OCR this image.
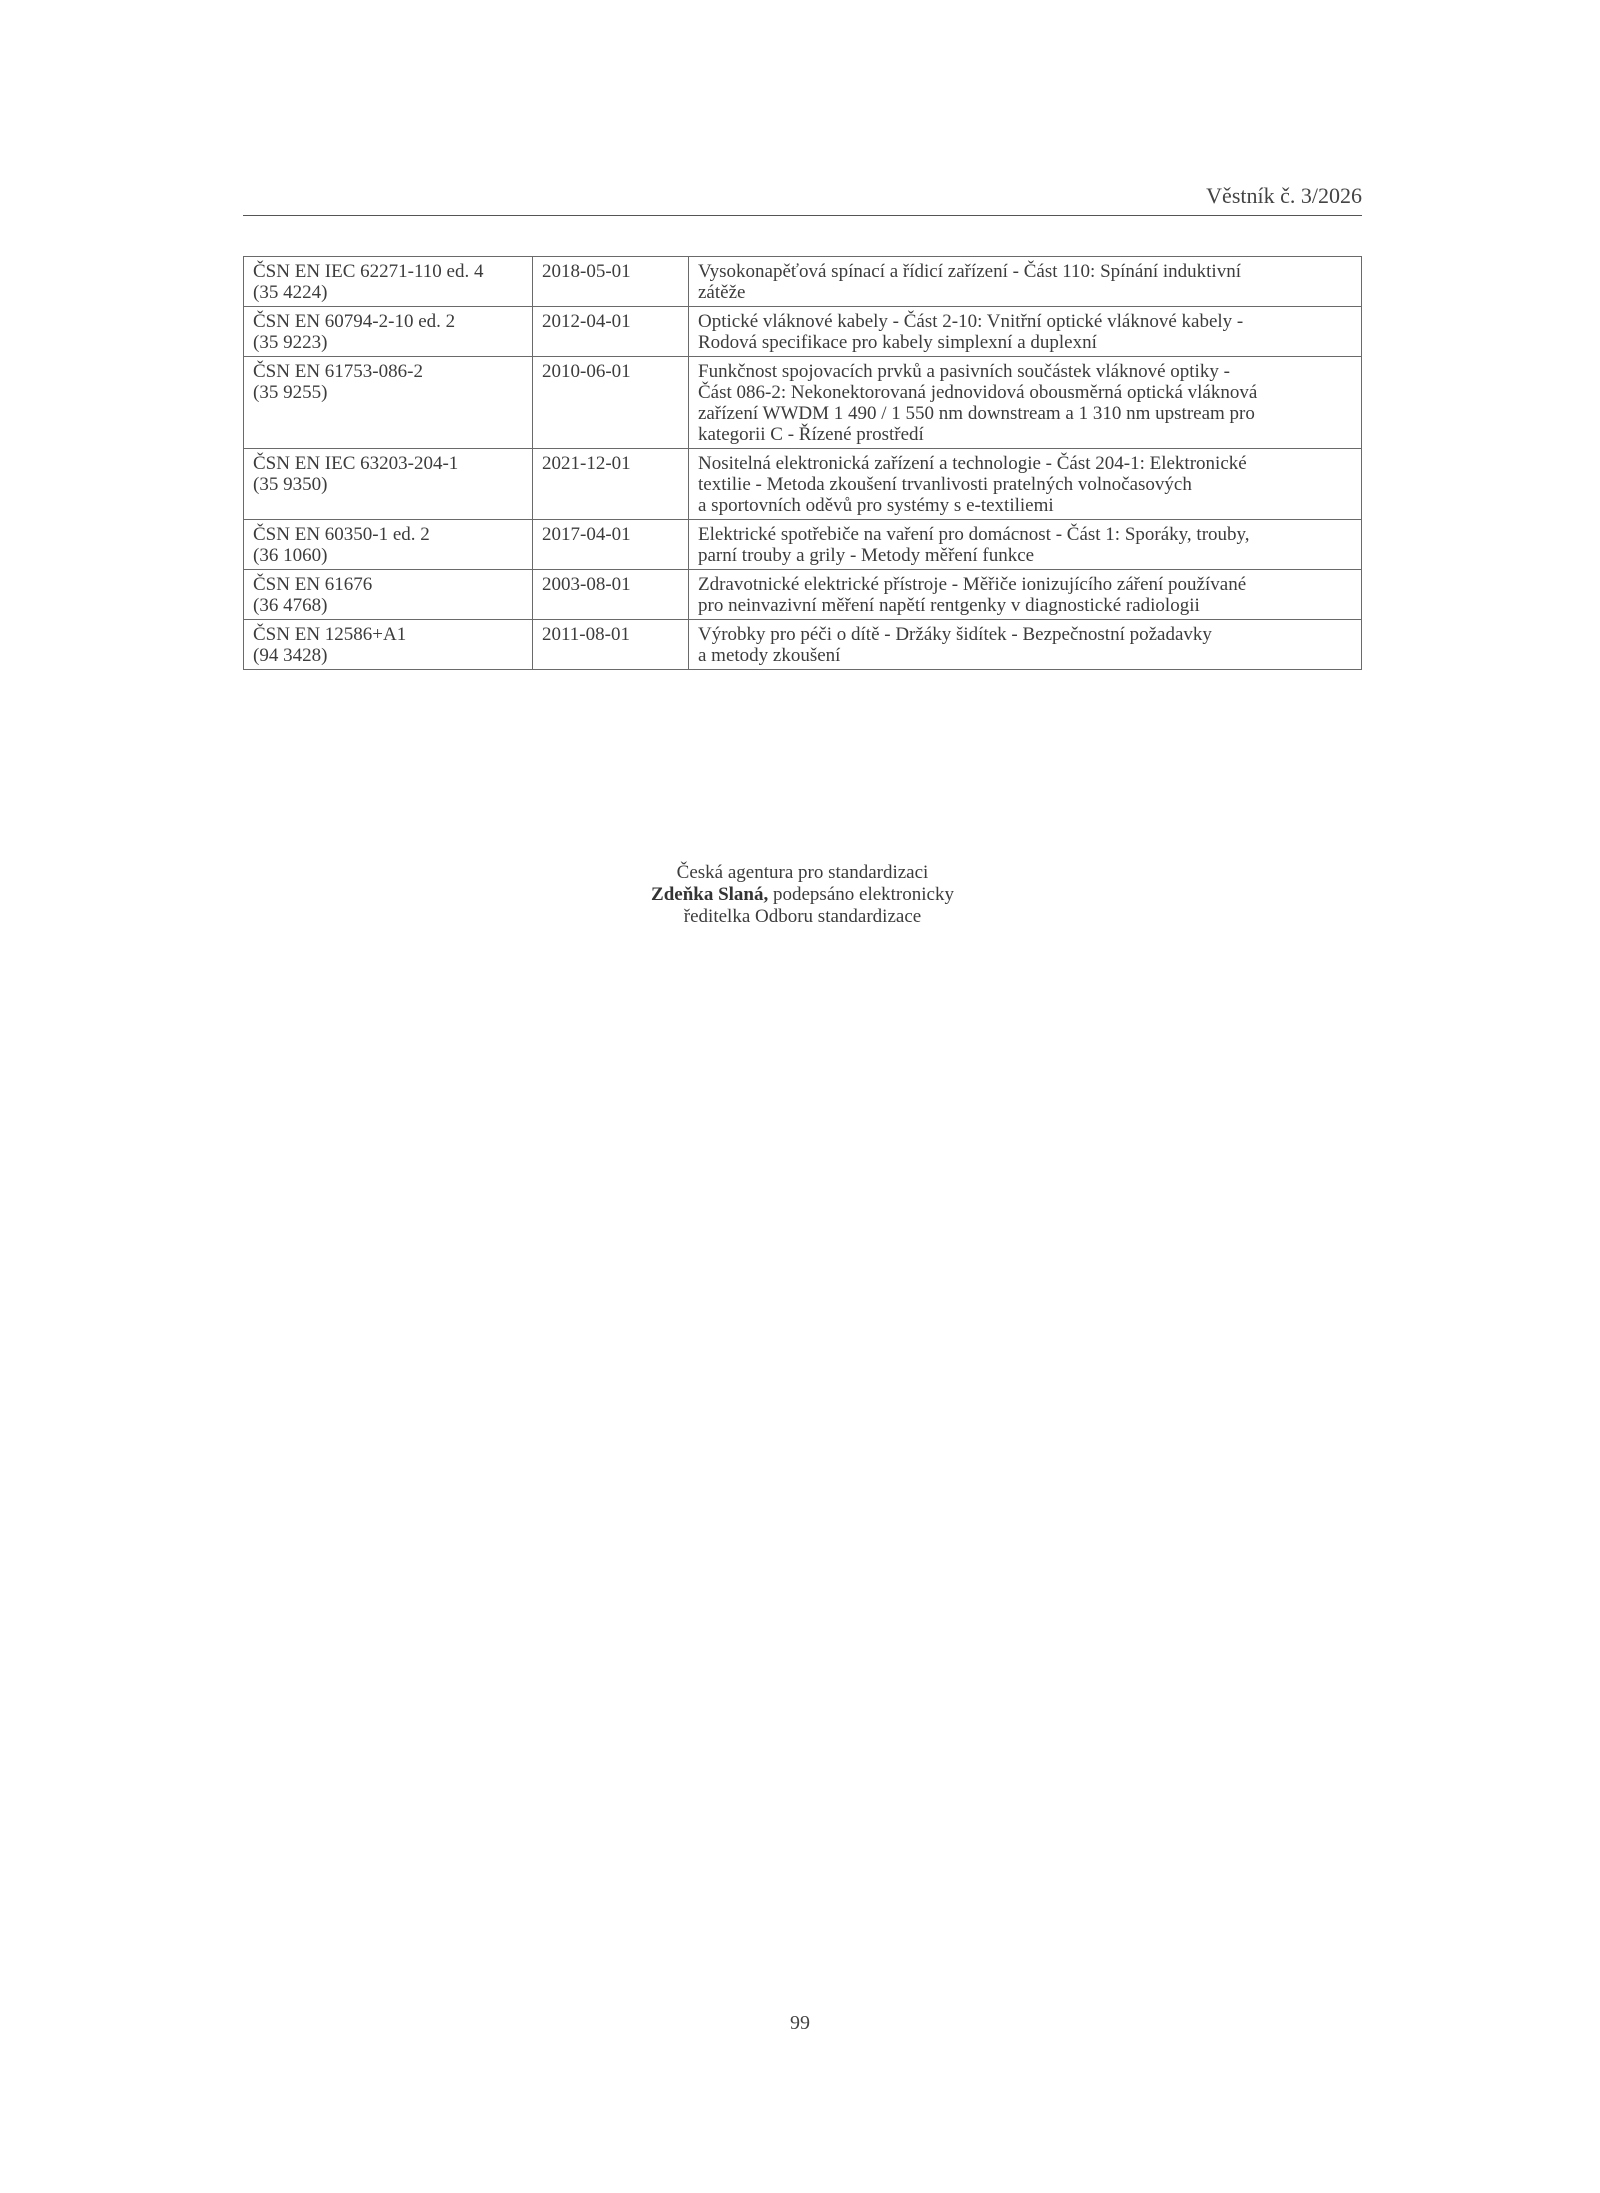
Věstník č. 3/2026
ČSN EN IEC 62271-110 ed. 4
(35 4224)	2018-05-01	Vysokonapěťová spínací a řídicí zařízení - Část 110: Spínání induktivní
zátěže

ČSN EN 60794-2-10 ed. 2
(35 9223)	2012-04-01	Optické vláknové kabely - Část 2-10: Vnitřní optické vláknové kabely -
Rodová specifikace pro kabely simplexní a duplexní

ČSN EN 61753-086-2
(35 9255)	2010-06-01	Funkčnost spojovacích prvků a pasivních součástek vláknové optiky -
Část 086-2: Nekonektorovaná jednovidová obousměrná optická vláknová
zařízení WWDM 1 490 / 1 550 nm downstream a 1 310 nm upstream pro
kategorii C - Řízené prostředí

ČSN EN IEC 63203-204-1
(35 9350)	2021-12-01	Nositelná elektronická zařízení a technologie - Část 204-1: Elektronické
textilie - Metoda zkoušení trvanlivosti pratelných volnočasových
a sportovních oděvů pro systémy s e-textiliemi

ČSN EN 60350-1 ed. 2
(36 1060)	2017-04-01	Elektrické spotřebiče na vaření pro domácnost - Část 1: Sporáky, trouby,
parní trouby a grily - Metody měření funkce

ČSN EN 61676
(36 4768)	2003-08-01	Zdravotnické elektrické přístroje - Měřiče ionizujícího záření používané
pro neinvazivní měření napětí rentgenky v diagnostické radiologii

ČSN EN 12586+A1
(94 3428)	2011-08-01	Výrobky pro péči o dítě - Držáky šidítek - Bezpečnostní požadavky
a metody zkoušení
Česká agentura pro standardizaci
Zdeňka Slaná, podepsáno elektronicky
ředitelka Odboru standardizace
99
